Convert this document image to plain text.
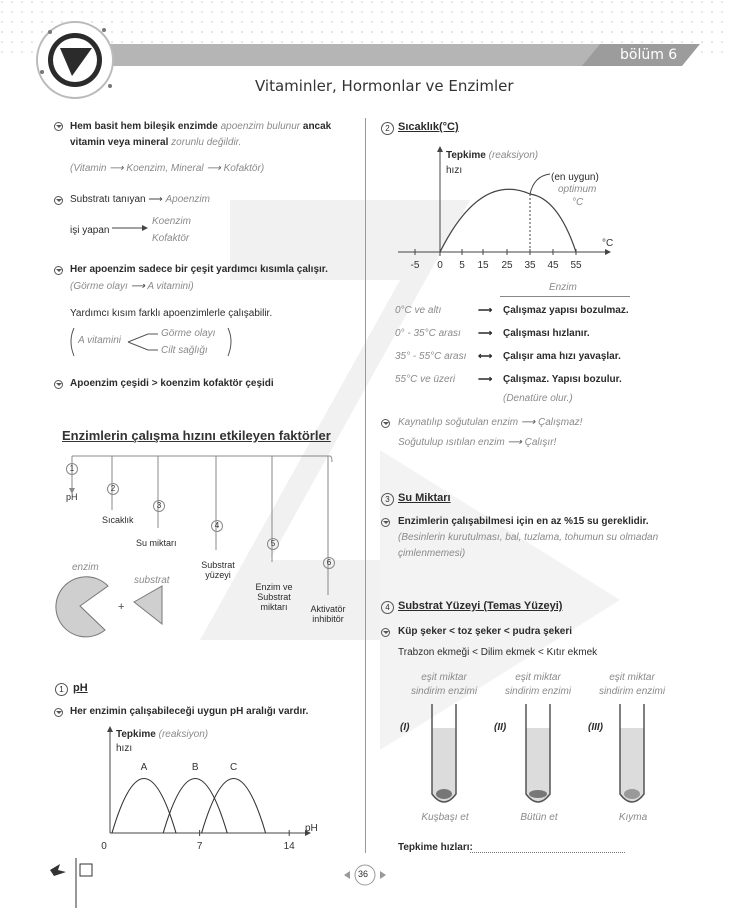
bölüm 6
Vitaminler, Hormonlar ve Enzimler
Hem basit hem bileşik enzimde apoenzim bulunur ancak
vitamin veya mineral zorunlu değildir.
(Vitamin ⟶ Koenzim, Mineral ⟶ Kofaktör)
Substratı tanıyan ⟶ Apoenzim
işi yapan
Koenzim
Kofaktör
Her apoenzim sadece bir çeşit yardımcı kısımla çalışır.
(Görme olayı ⟶ A vitamini)
Yardımcı kısım farklı apoenzimlerle çalışabilir.
A vitamini
Görme olayı
Cilt sağlığı
Apoenzim çeşidi > koenzim kofaktör çeşidi
Enzimlerin çalışma hızını etkileyen faktörler
1
pH
2
Sıcaklık
3
Su miktarı
4
Substrat yüzeyi
5
Enzim ve Substrat miktarı
6
Aktivatör inhibitör
enzim
substrat
+
1 pH
Her enzimin çalışabileceği uygun pH aralığı vardır.
Tepkime (reaksiyon)
hızı
0	7	14
pH
A	B	C
2 Sıcaklık(°C)
Tepkime (reaksiyon)
hızı
(en uygun)
optimum
°C
-5 0 5 15 25 35 45 55
°C
Enzim
0°C ve altı	⟶ Çalışmaz yapısı bozulmaz.
0° - 35°C arası ⟶ Çalışması hızlanır.
35° - 55°C arası ⟷ Çalışır ama hızı yavaşlar.
55°C ve üzeri ⟶ Çalışmaz. Yapısı bozulur.
(Denatüre olur.)
Kaynatılıp soğutulan enzim ⟶ Çalışmaz!
Soğutulup ısıtılan enzim ⟶ Çalışır!
3 Su Miktarı
Enzimlerin çalışabilmesi için en az %15 su gereklidir.
(Besinlerin kurutulması, bal, tuzlama, tohumun su olmadan
çimlenmemesi)
4 Substrat Yüzeyi (Temas Yüzeyi)
Küp şeker < toz şeker < pudra şekeri
Trabzon ekmeği < Dilim ekmek < Kıtır ekmek
eşit miktar
sindirim enzimi
(I)
Kuşbaşı et
eşit miktar
sindirim enzimi
(II)
Bütün et
eşit miktar
sindirim enzimi
(III)
Kıyma
Tepkime hızları:
36
